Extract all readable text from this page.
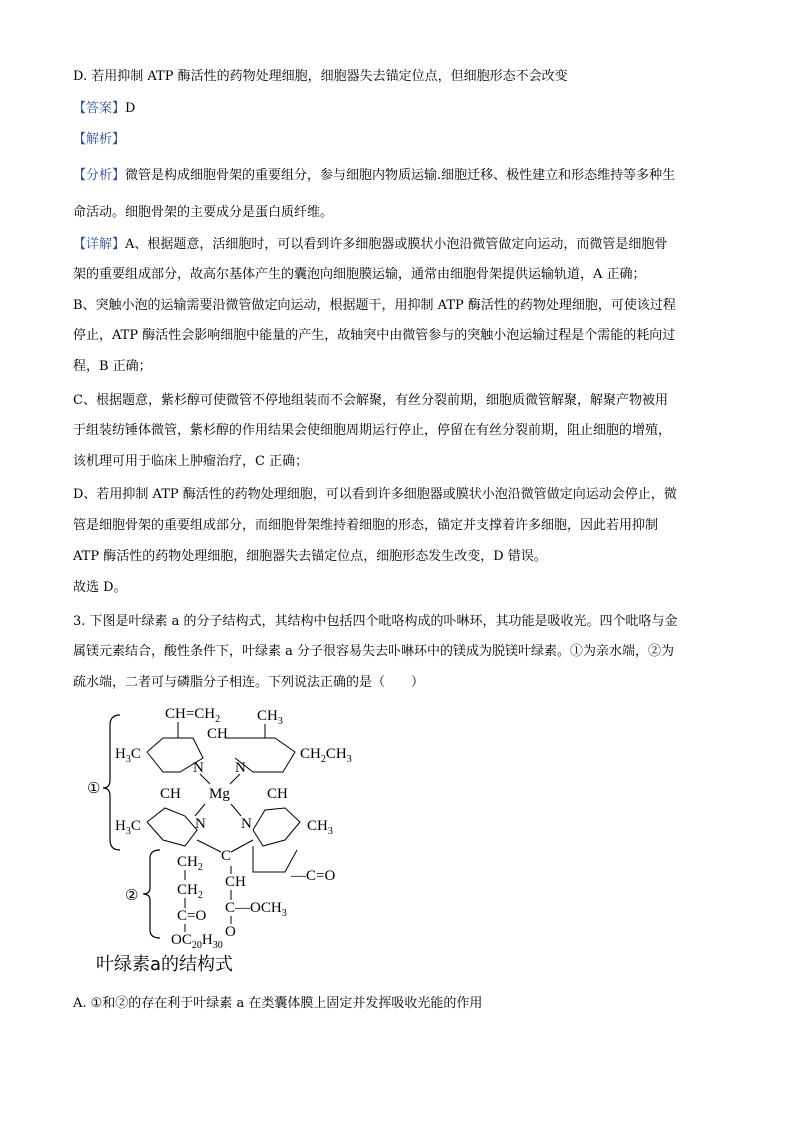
D. 若用抑制 ATP 酶活性的药物处理细胞，细胞器失去锚定位点，但细胞形态不会改变
【答案】D
【解析】
【分析】微管是构成细胞骨架的重要组分，参与细胞内物质运输.细胞迁移、极性建立和形态维持等多种生
命活动。细胞骨架的主要成分是蛋白质纤维。
【详解】A、根据题意，活细胞时，可以看到许多细胞器或膜状小泡沿微管做定向运动，而微管是细胞骨
架的重要组成部分，故高尔基体产生的囊泡向细胞膜运输，通常由细胞骨架提供运输轨道，A 正确；
B、突触小泡的运输需要沿微管做定向运动，根据题干，用抑制 ATP 酶活性的药物处理细胞，可使该过程
停止，ATP 酶活性会影响细胞中能量的产生，故轴突中由微管参与的突触小泡运输过程是个需能的耗向过
程，B 正确；
C、根据题意，紫杉醇可使微管不停地组装而不会解聚，有丝分裂前期，细胞质微管解聚，解聚产物被用
于组装纺锤体微管，紫杉醇的作用结果会使细胞周期运行停止，停留在有丝分裂前期，阻止细胞的增殖，
该机理可用于临床上肿瘤治疗，C 正确；
D、若用抑制 ATP 酶活性的药物处理细胞，可以看到许多细胞器或膜状小泡沿微管做定向运动会停止，微
管是细胞骨架的重要组成部分，而细胞骨架维持着细胞的形态，锚定并支撑着许多细胞，因此若用抑制
ATP 酶活性的药物处理细胞，细胞器失去锚定位点，细胞形态发生改变，D 错误。
故选 D。
3. 下图是叶绿素 a 的分子结构式，其结构中包括四个吡咯构成的卟啉环，其功能是吸收光。四个吡咯与金
属镁元素结合，酸性条件下，叶绿素 a 分子很容易失去卟啉环中的镁成为脱镁叶绿素。①为亲水端，②为
疏水端，二者可与磷脂分子相连。下列说法正确的是（　　）
A. ①和②的存在利于叶绿素 a 在类囊体膜上固定并发挥吸收光能的作用
①
②
$CH=CH_2$ $CH_3$
$H_3C$
CH
$CH_2CH_3$
N N
Mg
CH	CH
N N
$H_3C$	$CH_3$
C
—C=O
$CH_2$
$CH_2$
C=O
$OC_{20}H_{30}$
CH
$C—OCH_3$
O
叶绿素a的结构式
